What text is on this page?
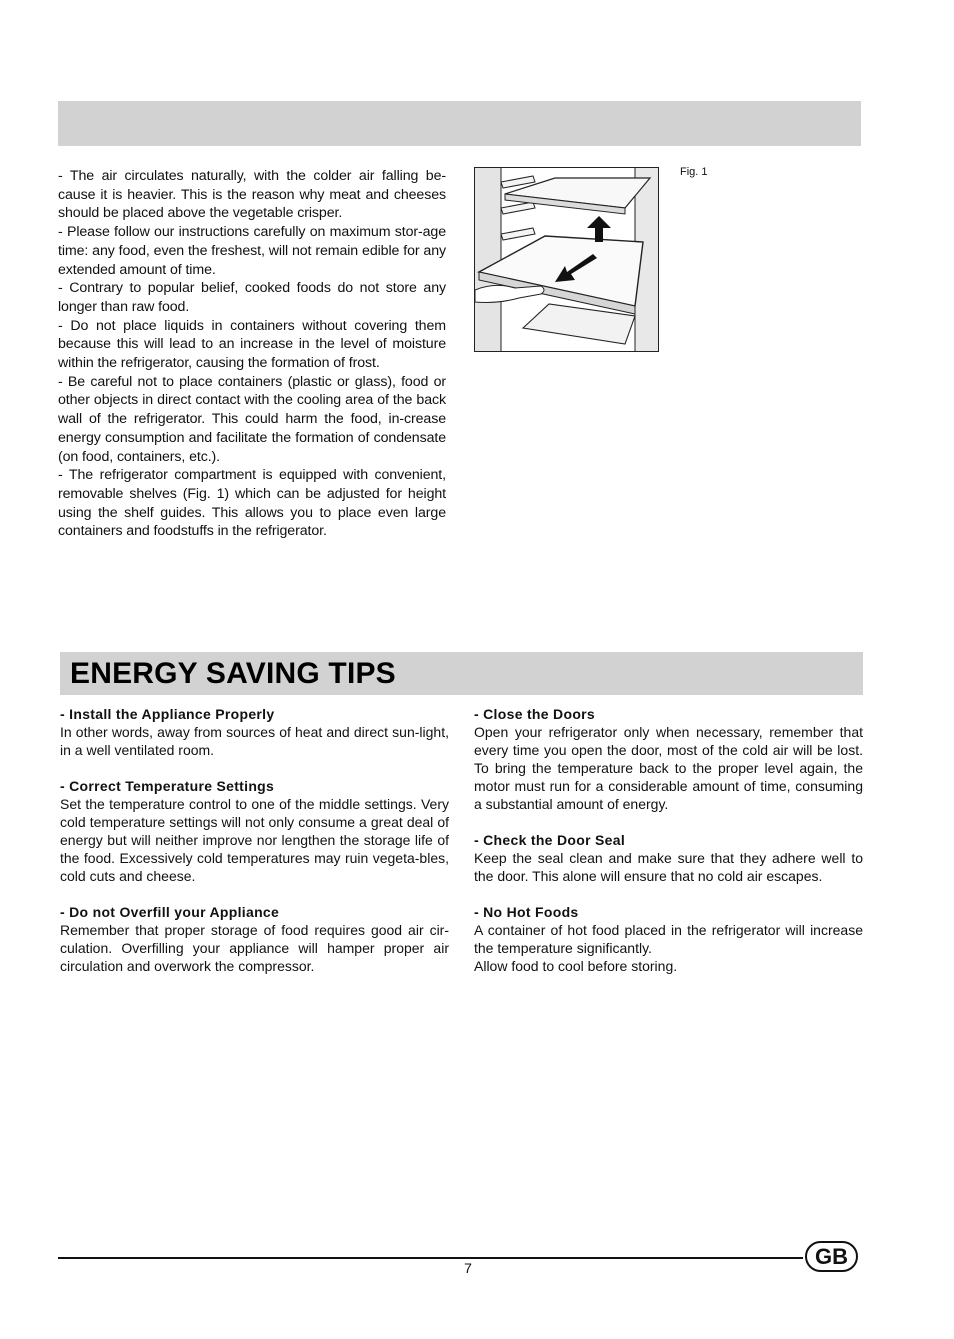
- The air circulates naturally, with the colder air falling be-cause it is heavier. This is the reason why meat and cheeses should be placed above the vegetable crisper.

- Please follow our instructions carefully on maximum stor-age time: any food, even the freshest, will not remain edible for any extended amount of time.

- Contrary to popular belief, cooked foods do not store any longer than raw food.

- Do not place liquids in containers without covering them because this will lead to an increase in the level of moisture within the refrigerator, causing the formation of frost.

- Be careful not to place containers (plastic or glass), food or other objects in direct contact with the cooling area of the back wall of the refrigerator. This could harm the food, in-crease energy consumption and facilitate the formation of condensate (on food, containers, etc.).

- The refrigerator compartment is equipped with convenient, removable shelves (Fig. 1) which can be adjusted for height using the shelf guides. This allows you to place even large containers and foodstuffs in the refrigerator.

Fig. 1
ENERGY SAVING TIPS

- Install the Appliance Properly

In other words, away from sources of heat and direct sun-light, in a well ventilated room.

- Correct Temperature Settings

Set the temperature control to one of the middle settings. Very cold temperature settings will not only consume a great deal of energy but will neither improve nor lengthen the storage life of the food. Excessively cold temperatures may ruin vegeta-bles, cold cuts and cheese.

- Do not Overfill your Appliance

Remember that proper storage of food requires good air cir-culation. Overfilling your appliance will hamper proper air circulation and overwork the compressor.

- Close the Doors

Open your refrigerator only when necessary, remember that every time you open the door, most of the cold air will be lost. To bring the temperature back to the proper level again, the motor must run for a considerable amount of time, consuming a substantial amount of energy.

- Check the Door Seal

Keep the seal clean and make sure that they adhere well to the door. This alone will ensure that no cold air escapes.

- No Hot Foods

A container of hot food placed in the refrigerator will increase the temperature significantly.
Allow food to cool before storing.

7	GB
